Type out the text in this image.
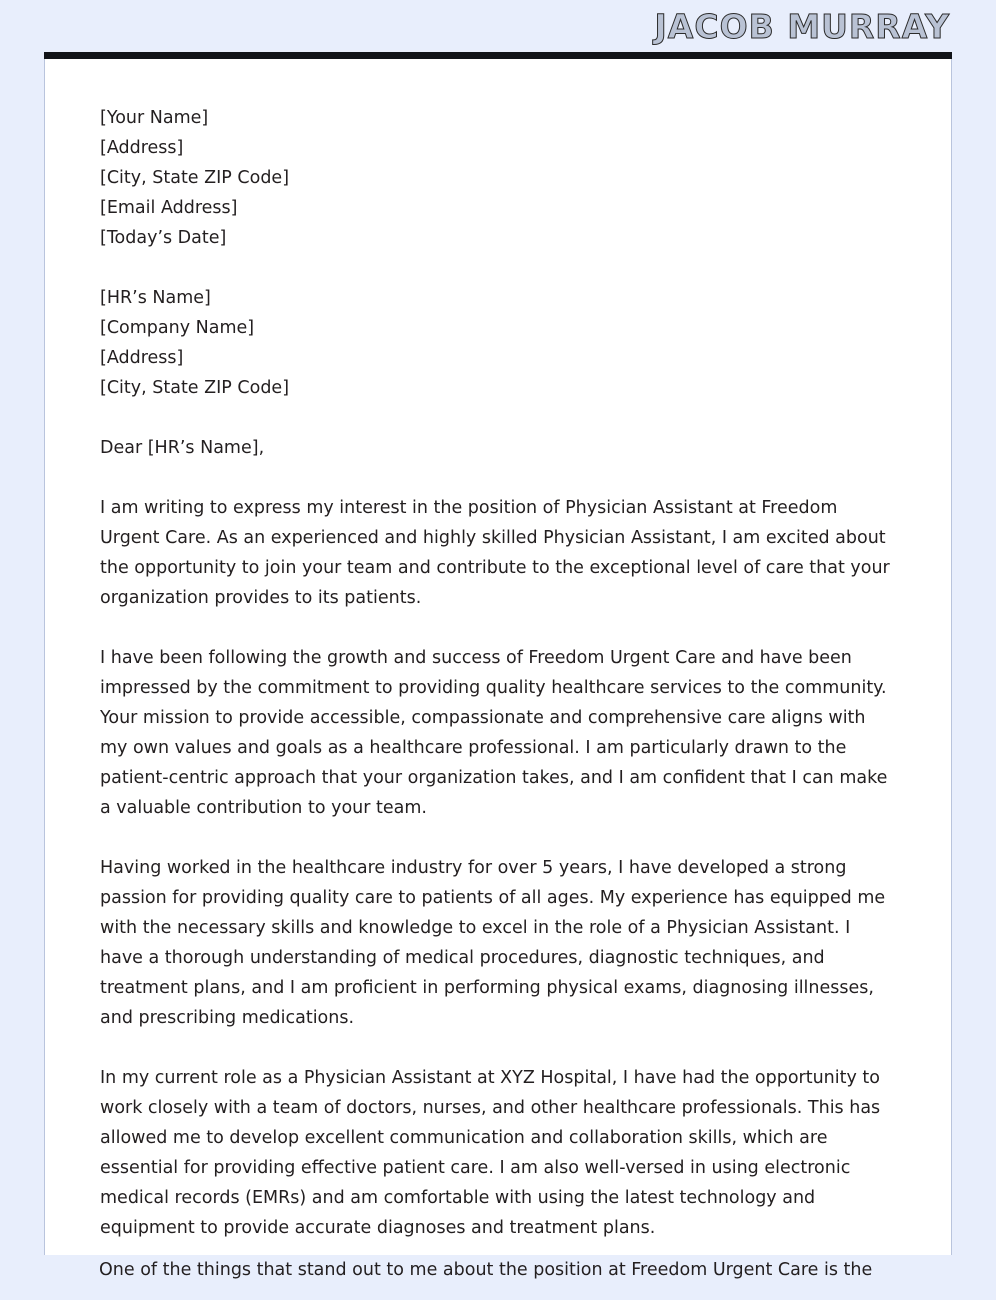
JACOB MURRAY
[Your Name]
[Address]
[City, State ZIP Code]
[Email Address]
[Today’s Date]
[HR’s Name]
[Company Name]
[Address]
[City, State ZIP Code]
Dear [HR’s Name],

I am writing to express my interest in the position of Physician Assistant at Freedom Urgent Care. As an experienced and highly skilled Physician Assistant, I am excited about the opportunity to join your team and contribute to the exceptional level of care that your organization provides to its patients.

I have been following the growth and success of Freedom Urgent Care and have been impressed by the commitment to providing quality healthcare services to the community. Your mission to provide accessible, compassionate and comprehensive care aligns with my own values and goals as a healthcare professional. I am particularly drawn to the patient-centric approach that your organization takes, and I am confident that I can make a valuable contribution to your team.

Having worked in the healthcare industry for over 5 years, I have developed a strong passion for providing quality care to patients of all ages. My experience has equipped me with the necessary skills and knowledge to excel in the role of a Physician Assistant. I have a thorough understanding of medical procedures, diagnostic techniques, and treatment plans, and I am proficient in performing physical exams, diagnosing illnesses, and prescribing medications.

In my current role as a Physician Assistant at XYZ Hospital, I have had the opportunity to work closely with a team of doctors, nurses, and other healthcare professionals. This has allowed me to develop excellent communication and collaboration skills, which are essential for providing effective patient care. I am also well-versed in using electronic medical records (EMRs) and am comfortable with using the latest technology and equipment to provide accurate diagnoses and treatment plans.

One of the things that stand out to me about the position at Freedom Urgent Care is the
